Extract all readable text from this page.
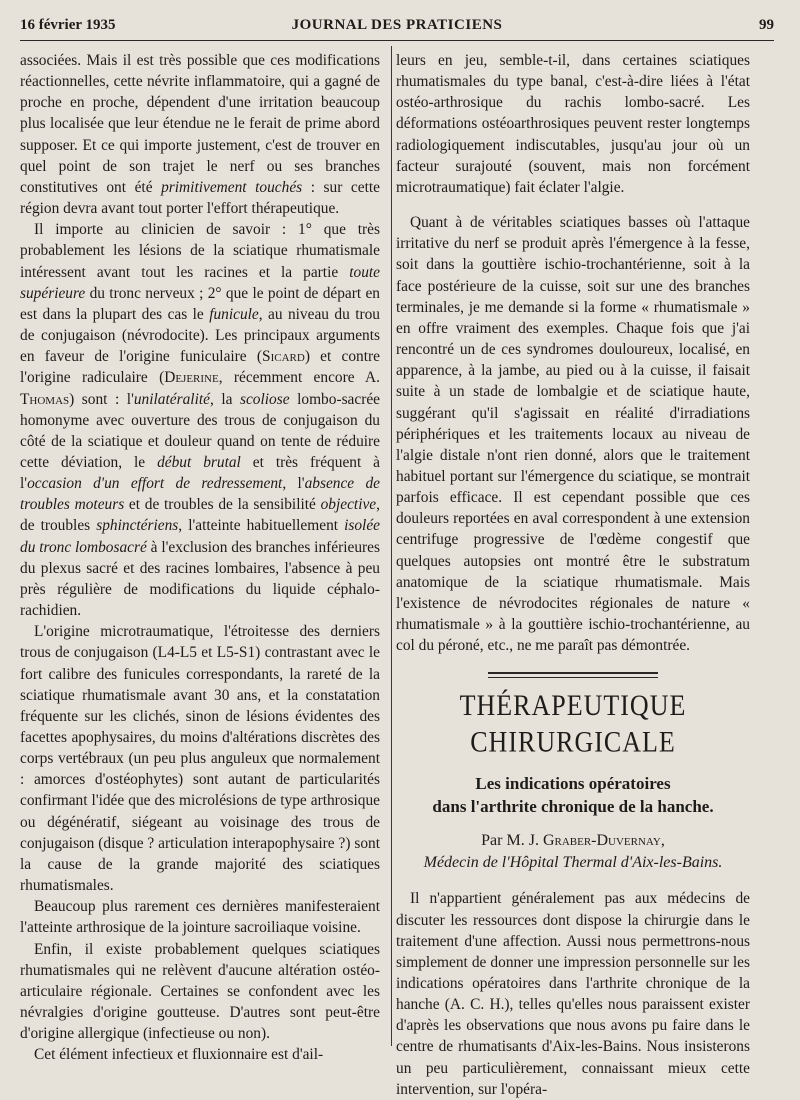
16 février 1935	JOURNAL DES PRATICIENS	99

associées. Mais il est très possible que ces modifications réactionnelles, cette névrite inflammatoire, qui a gagné de proche en proche, dépendent d'une irritation beaucoup plus localisée que leur étendue ne le ferait de prime abord supposer. Et ce qui importe justement, c'est de trouver en quel point de son trajet le nerf ou ses branches constitutives ont été primitivement touchés : sur cette région devra avant tout porter l'effort thérapeutique.

Il importe au clinicien de savoir : 1° que très probablement les lésions de la sciatique rhumatismale intéressent avant tout les racines et la partie toute supérieure du tronc nerveux ; 2° que le point de départ en est dans la plupart des cas le funicule, au niveau du trou de conjugaison (névrodocite). Les principaux arguments en faveur de l'origine funiculaire (Sicard) et contre l'origine radiculaire (Dejerine, récemment encore A. Thomas) sont : l'unilatéralité, la scoliose lombo-sacrée homonyme avec ouverture des trous de conjugaison du côté de la sciatique et douleur quand on tente de réduire cette déviation, le début brutal et très fréquent à l'occasion d'un effort de redressement, l'absence de troubles moteurs et de troubles de la sensibilité objective, de troubles sphinctériens, l'atteinte habituellement isolée du tronc lombosacré à l'exclusion des branches inférieures du plexus sacré et des racines lombaires, l'absence à peu près régulière de modifications du liquide céphalo-rachidien.

L'origine microtraumatique, l'étroitesse des derniers trous de conjugaison (L4-L5 et L5-S1) contrastant avec le fort calibre des funicules correspondants, la rareté de la sciatique rhumatismale avant 30 ans, et la constatation fréquente sur les clichés, sinon de lésions évidentes des facettes apophysaires, du moins d'altérations discrètes des corps vertébraux (un peu plus anguleux que normalement : amorces d'ostéophytes) sont autant de particularités confirmant l'idée que des microlésions de type arthrosique ou dégénératif, siégeant au voisinage des trous de conjugaison (disque ? articulation interapophysaire ?) sont la cause de la grande majorité des sciatiques rhumatismales.

Beaucoup plus rarement ces dernières manifesteraient l'atteinte arthrosique de la jointure sacroiliaque voisine.

Enfin, il existe probablement quelques sciatiques rhumatismales qui ne relèvent d'aucune altération ostéo-articulaire régionale. Certaines se confondent avec les névralgies d'origine goutteuse. D'autres sont peut-être d'origine allergique (infectieuse ou non).

Cet élément infectieux et fluxionnaire est d'ail-

leurs en jeu, semble-t-il, dans certaines sciatiques rhumatismales du type banal, c'est-à-dire liées à l'état ostéo-arthrosique du rachis lombo-sacré. Les déformations ostéoarthrosiques peuvent rester longtemps radiologiquement indiscutables, jusqu'au jour où un facteur surajouté (souvent, mais non forcément microtraumatique) fait éclater l'algie.

Quant à de véritables sciatiques basses où l'attaque irritative du nerf se produit après l'émergence à la fesse, soit dans la gouttière ischio-trochantérienne, soit à la face postérieure de la cuisse, soit sur une des branches terminales, je me demande si la forme « rhumatismale » en offre vraiment des exemples. Chaque fois que j'ai rencontré un de ces syndromes douloureux, localisé, en apparence, à la jambe, au pied ou à la cuisse, il faisait suite à un stade de lombalgie et de sciatique haute, suggérant qu'il s'agissait en réalité d'irradiations périphériques et les traitements locaux au niveau de l'algie distale n'ont rien donné, alors que le traitement habituel portant sur l'émergence du sciatique, se montrait parfois efficace. Il est cependant possible que ces douleurs reportées en aval correspondent à une extension centrifuge progressive de l'œdème congestif que quelques autopsies ont montré être le substratum anatomique de la sciatique rhumatismale. Mais l'existence de névrodocites régionales de nature « rhumatismale » à la gouttière ischio-trochantérienne, au col du péroné, etc., ne me paraît pas démontrée.

THÉRAPEUTIQUE CHIRURGICALE
Les indications opératoires
dans l'arthrite chronique de la hanche.
Par M. J. Graber-Duvernay,
Médecin de l'Hôpital Thermal d'Aix-les-Bains.

Il n'appartient généralement pas aux médecins de discuter les ressources dont dispose la chirurgie dans le traitement d'une affection. Aussi nous permettrons-nous simplement de donner une impression personnelle sur les indications opératoires dans l'arthrite chronique de la hanche (A. C. H.), telles qu'elles nous paraissent exister d'après les observations que nous avons pu faire dans le centre de rhumatisants d'Aix-les-Bains. Nous insisterons un peu particulièrement, connaissant mieux cette intervention, sur l'opéra-
